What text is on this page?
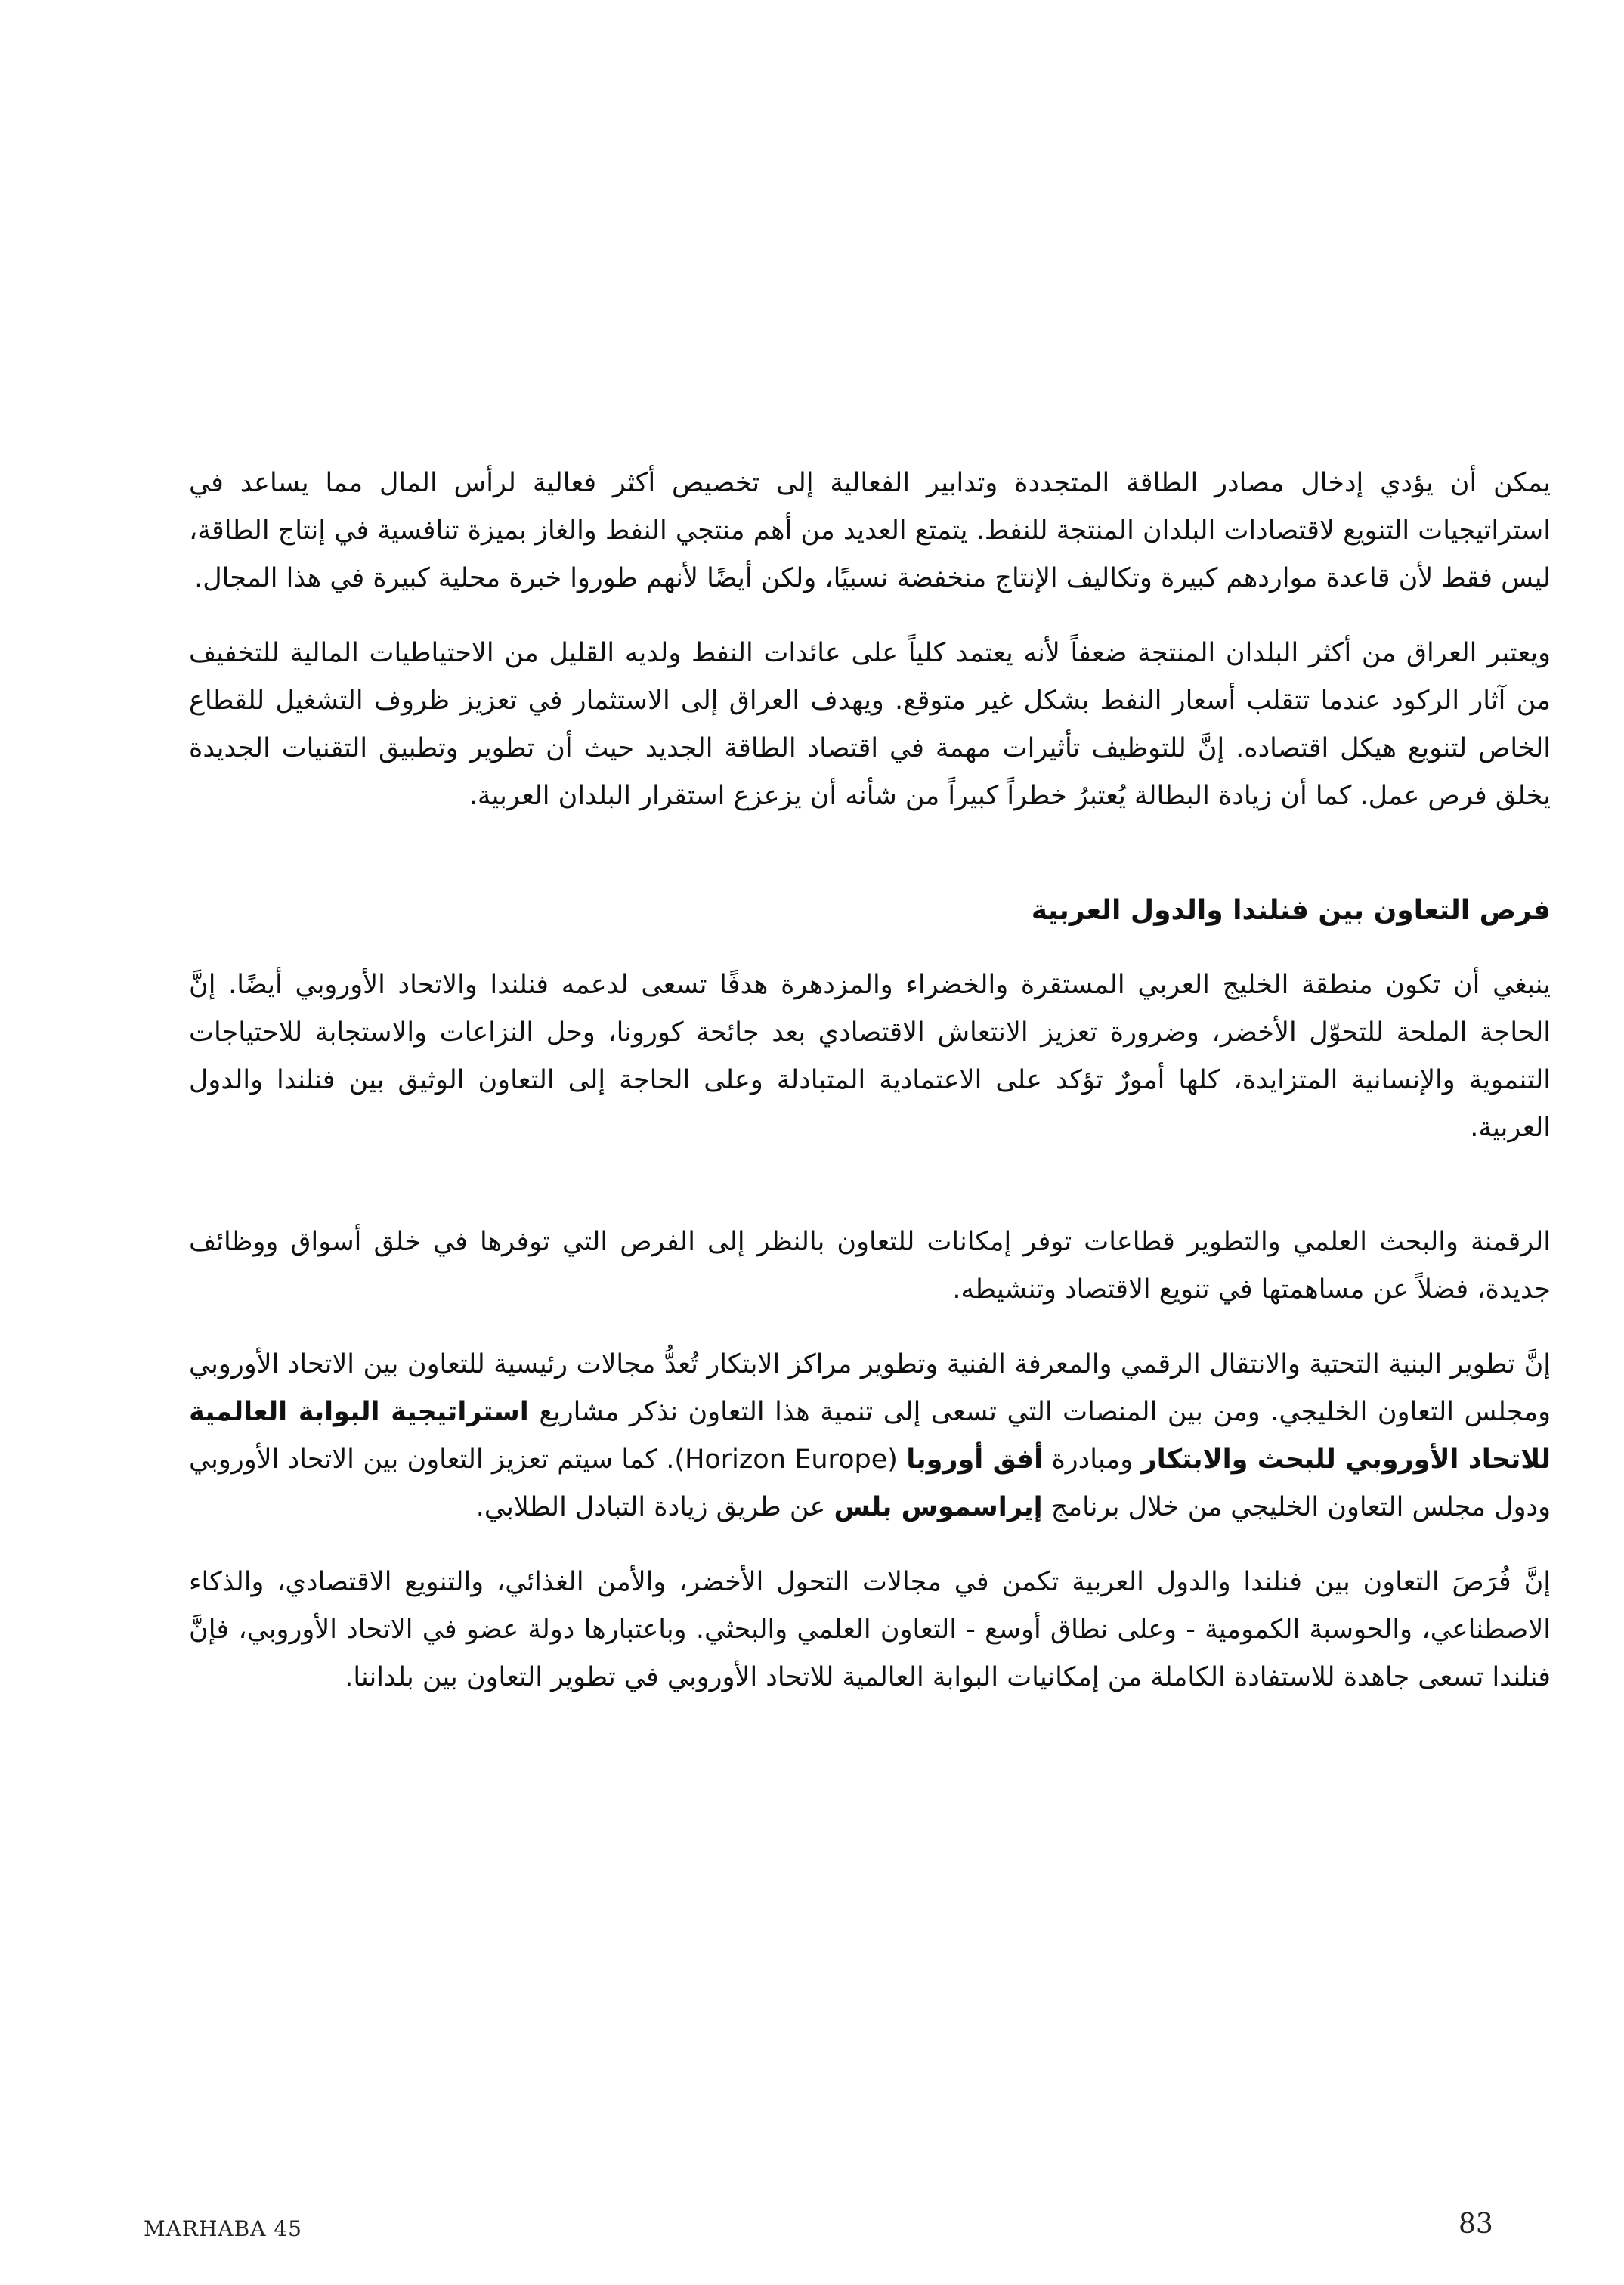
يمكن أن يؤدي إدخال مصادر الطاقة المتجددة وتدابير الفعالية إلى تخصيص أكثر فعالية لرأس المال مما يساعد في استراتيجيات التنويع لاقتصادات البلدان المنتجة للنفط. يتمتع العديد من أهم منتجي النفط والغاز بميزة تنافسية في إنتاج الطاقة، ليس فقط لأن قاعدة مواردهم كبيرة وتكاليف الإنتاج منخفضة نسبيًا، ولكن أيضًا لأنهم طوروا خبرة محلية كبيرة في هذا المجال.

ويعتبر العراق من أكثر البلدان المنتجة ضعفاً لأنه يعتمد كلياً على عائدات النفط ولديه القليل من الاحتياطيات المالية للتخفيف من آثار الركود عندما تتقلب أسعار النفط بشكل غير متوقع. ويهدف العراق إلى الاستثمار في تعزيز ظروف التشغيل للقطاع الخاص لتنويع هيكل اقتصاده. إنَّ للتوظيف تأثيرات مهمة في اقتصاد الطاقة الجديد حيث أن تطوير وتطبيق التقنيات الجديدة يخلق فرص عمل. كما أن زيادة البطالة يُعتبرُ خطراً كبيراً من شأنه أن يزعزع استقرار البلدان العربية.

فرص التعاون بين فنلندا والدول العربية

ينبغي أن تكون منطقة الخليج العربي المستقرة والخضراء والمزدهرة هدفًا تسعى لدعمه فنلندا والاتحاد الأوروبي أيضًا. إنَّ الحاجة الملحة للتحوّل الأخضر، وضرورة تعزيز الانتعاش الاقتصادي بعد جائحة كورونا، وحل النزاعات والاستجابة للاحتياجات التنموية والإنسانية المتزايدة، كلها أمورٌ تؤكد على الاعتمادية المتبادلة وعلى الحاجة إلى التعاون الوثيق بين فنلندا والدول العربية.

الرقمنة والبحث العلمي والتطوير قطاعات توفر إمكانات للتعاون بالنظر إلى الفرص التي توفرها في خلق أسواق ووظائف جديدة، فضلاً عن مساهمتها في تنويع الاقتصاد وتنشيطه.

إنَّ تطوير البنية التحتية والانتقال الرقمي والمعرفة الفنية وتطوير مراكز الابتكار تُعدُّ مجالات رئيسية للتعاون بين الاتحاد الأوروبي ومجلس التعاون الخليجي. ومن بين المنصات التي تسعى إلى تنمية هذا التعاون نذكر مشاريع استراتيجية البوابة العالمية للاتحاد الأوروبي للبحث والابتكار ومبادرة أفق أوروبا (Horizon Europe). كما سيتم تعزيز التعاون بين الاتحاد الأوروبي ودول مجلس التعاون الخليجي من خلال برنامج إيراسموس بلس عن طريق زيادة التبادل الطلابي.

إنَّ فُرَصَ التعاون بين فنلندا والدول العربية تكمن في مجالات التحول الأخضر، والأمن الغذائي، والتنويع الاقتصادي، والذكاء الاصطناعي، والحوسبة الكمومية - وعلى نطاق أوسع - التعاون العلمي والبحثي. وباعتبارها دولة عضو في الاتحاد الأوروبي، فإنَّ فنلندا تسعى جاهدة للاستفادة الكاملة من إمكانيات البوابة العالمية للاتحاد الأوروبي في تطوير التعاون بين بلداننا.

MARHABA 45	83
